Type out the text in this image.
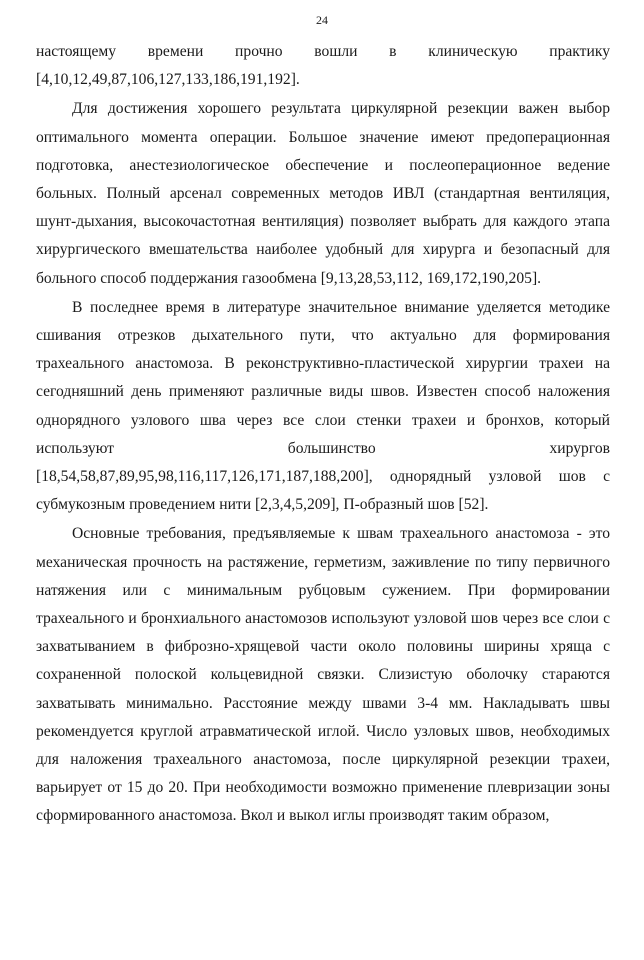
24

настоящему времени прочно вошли в клиническую практику [4,10,12,49,87,106,127,133,186,191,192].

Для достижения хорошего результата циркулярной резекции важен выбор оптимального момента операции. Большое значение имеют предоперационная подготовка, анестезиологическое обеспечение и послеоперационное ведение больных. Полный арсенал современных методов ИВЛ (стандартная вентиляция, шунт-дыхания, высокочастотная вентиляция) позволяет выбрать для каждого этапа хирургического вмешательства наиболее удобный для хирурга и безопасный для больного способ поддержания газообмена [9,13,28,53,112, 169,172,190,205].

В последнее время в литературе значительное внимание уделяется методике сшивания отрезков дыхательного пути, что актуально для формирования трахеального анастомоза. В реконструктивно-пластической хирургии трахеи на сегодняшний день применяют различные виды швов. Известен способ наложения однорядного узлового шва через все слои стенки трахеи и бронхов, который используют большинство хирургов [18,54,58,87,89,95,98,116,117,126,171,187,188,200], однорядный узловой шов с субмукозным проведением нити [2,3,4,5,209], П-образный шов [52].

Основные требования, предъявляемые к швам трахеального анастомоза - это механическая прочность на растяжение, герметизм, заживление по типу первичного натяжения или с минимальным рубцовым сужением. При формировании трахеального и бронхиального анастомозов используют узловой шов через все слои с захватыванием в фиброзно-хрящевой части около половины ширины хряща с сохраненной полоской кольцевидной связки. Слизистую оболочку стараются захватывать минимально. Расстояние между швами 3-4 мм. Накладывать швы рекомендуется круглой атравматической иглой. Число узловых швов, необходимых для наложения трахеального анастомоза, после циркулярной резекции трахеи, варьирует от 15 до 20. При необходимости возможно применение плевризации зоны сформированного анастомоза. Вкол и выкол иглы производят таким образом,
